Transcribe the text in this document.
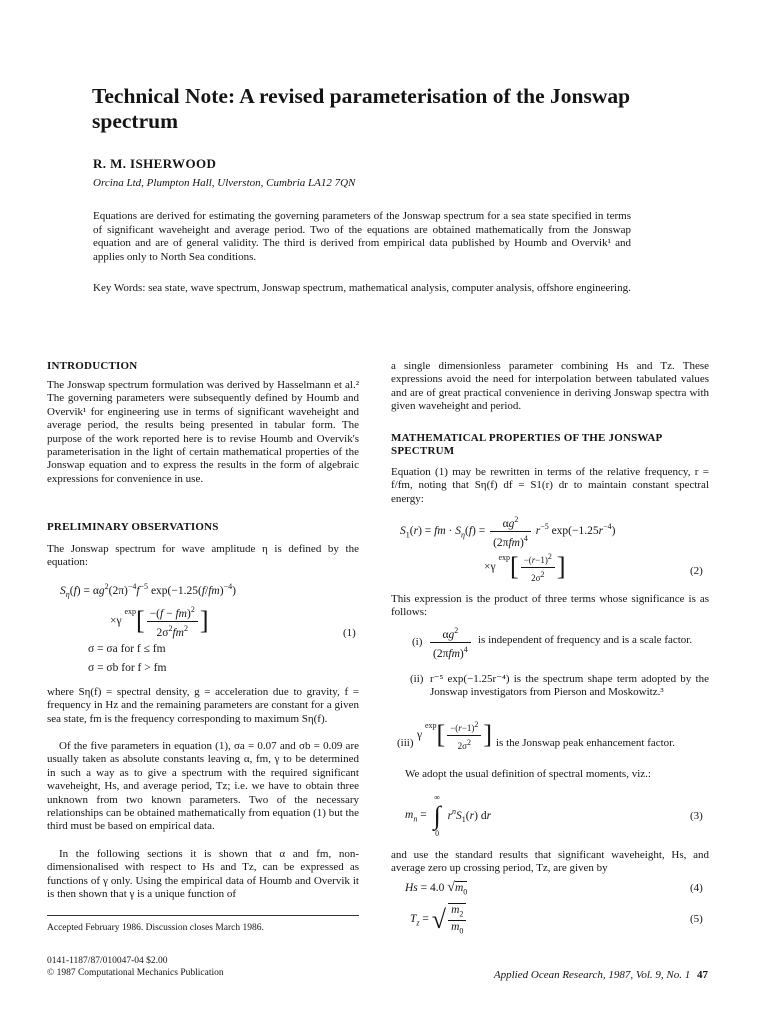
Technical Note: A revised parameterisation of the Jonswap spectrum
R. M. ISHERWOOD
Orcina Ltd, Plumpton Hall, Ulverston, Cumbria LA12 7QN
Equations are derived for estimating the governing parameters of the Jonswap spectrum for a sea state specified in terms of significant waveheight and average period. Two of the equations are obtained mathematically from the Jonswap equation and are of general validity. The third is derived from empirical data published by Houmb and Overvik¹ and applies only to North Sea conditions.
Key Words: sea state, wave spectrum, Jonswap spectrum, mathematical analysis, computer analysis, offshore engineering.
INTRODUCTION
The Jonswap spectrum formulation was derived by Hasselmann et al.² The governing parameters were subsequently defined by Houmb and Overvik¹ for engineering use in terms of significant waveheight and average period, the results being presented in tabular form. The purpose of the work reported here is to revise Houmb and Overvik's parameterisation in the light of certain mathematical properties of the Jonswap equation and to express the results in the form of algebraic expressions for convenience in use.
PRELIMINARY OBSERVATIONS
The Jonswap spectrum for wave amplitude η is defined by the equation:
$S_\eta(f) = \alpha g^2(2\pi)^{-4}f^{-5}$ $\exp(-1.25(f/fm)^{-4})$
×γ $^{exp}[ \frac{-(f - fm)^2}{2\sigma^2fm^2}$ ]	(1)
σ = σa for f ≤ fm
σ = σb for f > fm
where Sη(f) = spectral density, g = acceleration due to gravity, f = frequency in Hz and the remaining parameters are constant for a given sea state, fm is the frequency corresponding to maximum Sη(f).
Of the five parameters in equation (1), σa = 0.07 and σb = 0.09 are usually taken as absolute constants leaving α, fm, γ to be determined in such a way as to give a spectrum with the required significant waveheight, Hs, and average period, Tz; i.e. we have to obtain three unknown from two known parameters. Two of the necessary relationships can be obtained mathematically from equation (1) but the third must be based on empirical data.
In the following sections it is shown that α and fm, non-dimensionalised with respect to Hs and Tz, can be expressed as functions of γ only. Using the empirical data of Houmb and Overvik it is then shown that γ is a unique function of
Accepted February 1986. Discussion closes March 1986.
0141-1187/87/010047-04 $2.00
© 1987 Computational Mechanics Publication
a single dimensionless parameter combining Hs and Tz. These expressions avoid the need for interpolation between tabulated values and are of great practical convenience in deriving Jonswap spectra with given waveheight and period.
MATHEMATICAL PROPERTIES OF THE JONSWAP SPECTRUM
Equation (1) may be rewritten in terms of the relative frequency, r = f/fm, noting that Sη(f) df = S1(r) dr to maintain constant spectral energy:
$S_1(r)$ = fm · $S_\eta(f) = \frac{\alpha g^2}{(2\pi fm)^4} r^{-5}$ $\exp(-1.25r^{-4})$
×γ $^{exp}[ \frac{-(r-1)^2}{2\sigma^2}$ ]	(2)
This expression is the product of three terms whose significance is as follows:
$(i) \frac{\alpha g^2}{(2\pi fm)^4}$ is independent of frequency and is a scale factor.
(ii) r⁻⁵ exp(−1.25r⁻⁴) is the spectrum shape term adopted by the Jonswap investigators from Pierson and Moskowitz.³
(iii)
γ $^{exp}[ \frac{-(r-1)^2}{2\sigma^2}$ ] is the Jonswap peak enhancement factor.
We adopt the usual definition of spectral moments, viz.:
$m_n$ =
∞
∫
0
$r^nS_1(r)$ dr	(3)
and use the standard results that significant waveheight, Hs, and average zero up crossing period, Tz, are given by
Hs = 4.0 $√m_0$	(4)
$T_z$ = √ $\frac{m_2}{m_0}$	(5)
Applied Ocean Research, 1987, Vol. 9, No. 1 47
